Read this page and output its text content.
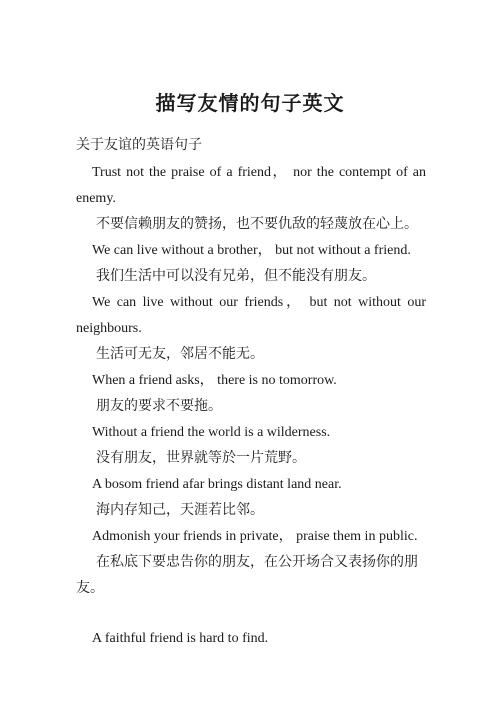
描写友情的句子英文
关于友谊的英语句子

Trust not the praise of a friend， nor the contempt of an enemy.

不要信赖朋友的赞扬，也不要仇敌的轻蔑放在心上。

We can live without a brother， but not without a friend.

我们生活中可以没有兄弟，但不能没有朋友。

We can live without our friends， but not without our neighbours.

生活可无友，邻居不能无。

When a friend asks， there is no tomorrow.

朋友的要求不要拖。

Without a friend the world is a wilderness.

没有朋友，世界就等於一片荒野。

A bosom friend afar brings distant land near.

海内存知己，天涯若比邻。

Admonish your friends in private， praise them in public.

在私底下要忠告你的朋友，在公开场合又表扬你的朋友。

A faithful friend is hard to find.
